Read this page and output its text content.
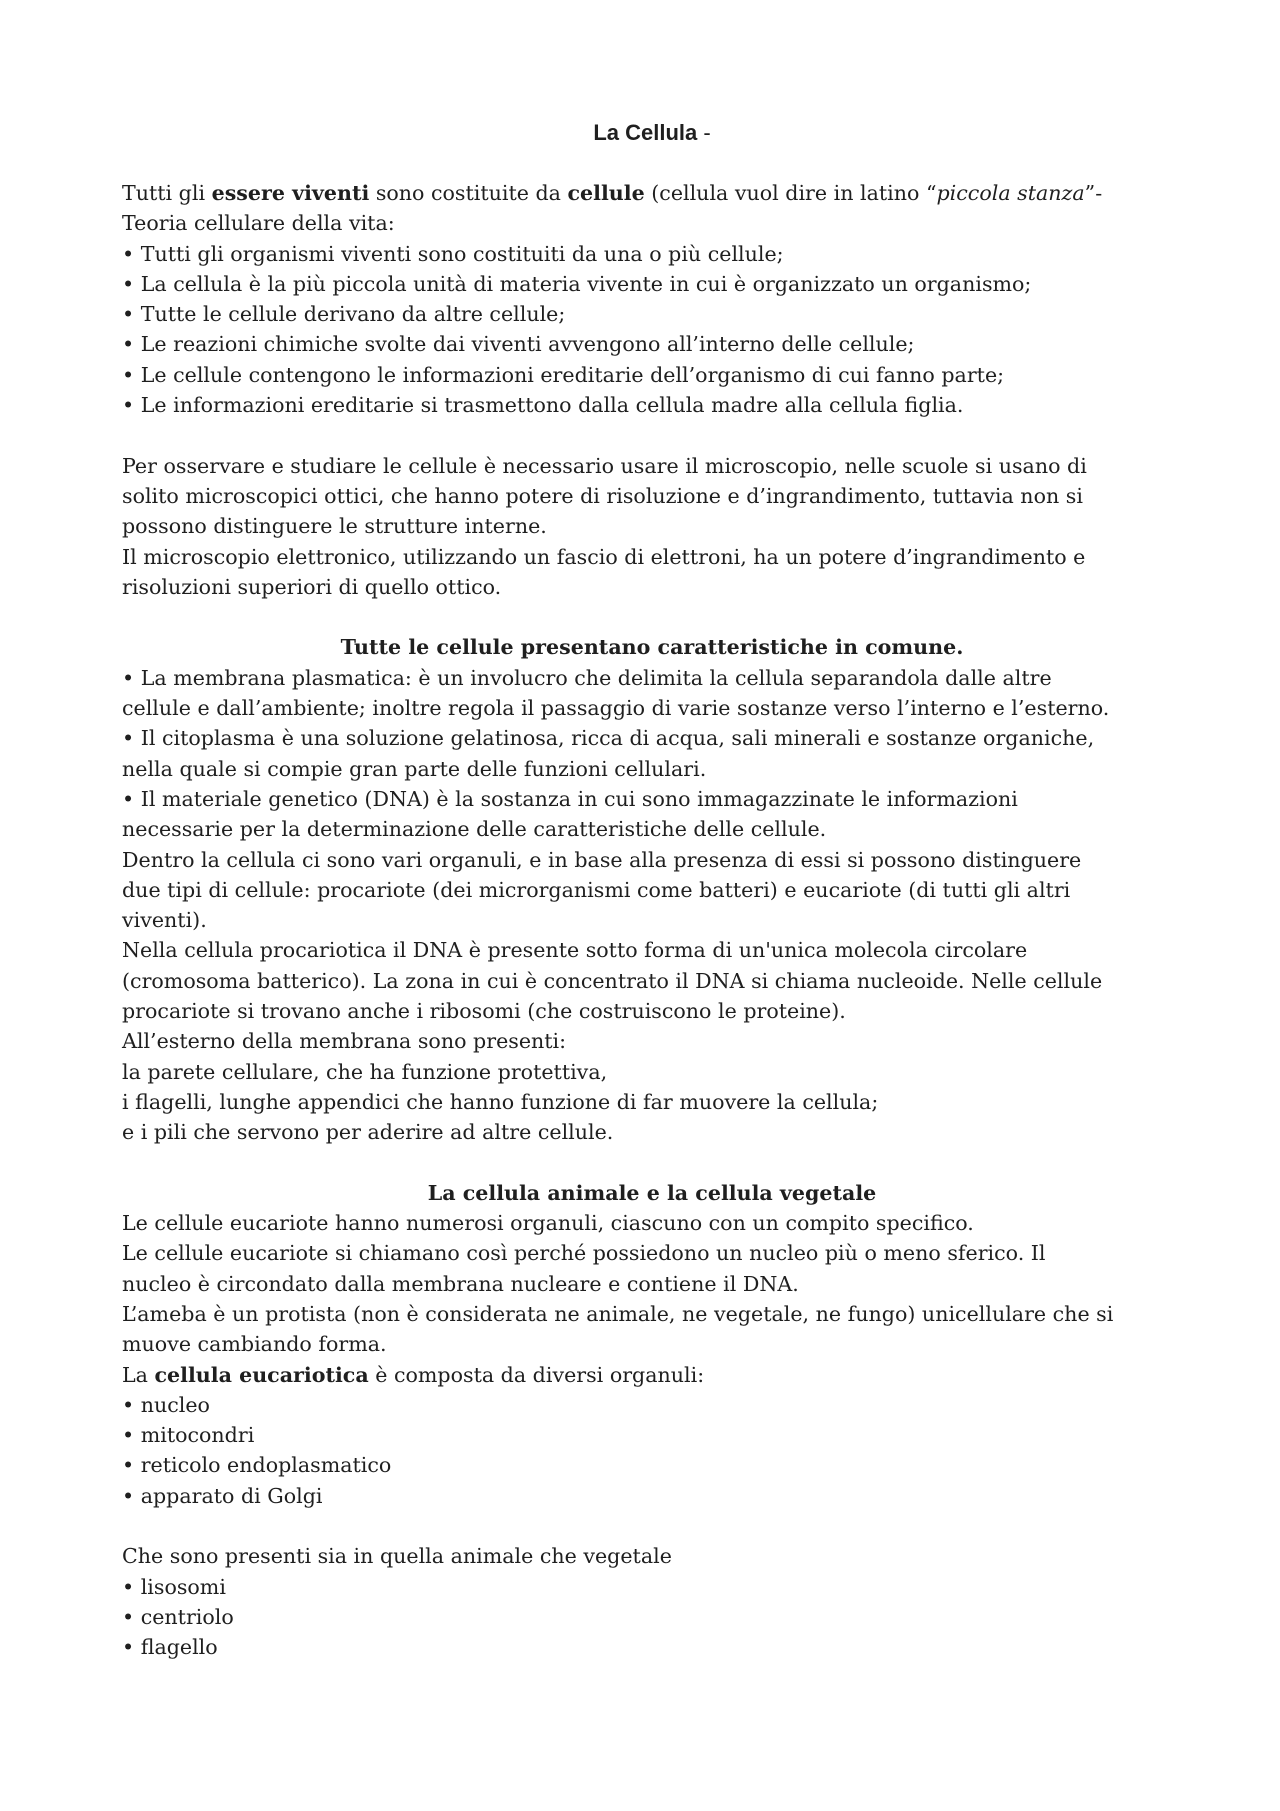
La Cellula -
Tutti gli essere viventi sono costituite da cellule (cellula vuol dire in latino “piccola stanza”-
Teoria cellulare della vita:
• Tutti gli organismi viventi sono costituiti da una o più cellule;
• La cellula è la più piccola unità di materia vivente in cui è organizzato un organismo;
• Tutte le cellule derivano da altre cellule;
• Le reazioni chimiche svolte dai viventi avvengono all’interno delle cellule;
• Le cellule contengono le informazioni ereditarie dell’organismo di cui fanno parte;
• Le informazioni ereditarie si trasmettono dalla cellula madre alla cellula figlia.
Per osservare e studiare le cellule è necessario usare il microscopio, nelle scuole si usano di
solito microscopici ottici, che hanno potere di risoluzione e d’ingrandimento, tuttavia non si
possono distinguere le strutture interne.
Il microscopio elettronico, utilizzando un fascio di elettroni, ha un potere d’ingrandimento e
risoluzioni superiori di quello ottico.
Tutte le cellule presentano caratteristiche in comune.
• La membrana plasmatica: è un involucro che delimita la cellula separandola dalle altre
cellule e dall’ambiente; inoltre regola il passaggio di varie sostanze verso l’interno e l’esterno.
• Il citoplasma è una soluzione gelatinosa, ricca di acqua, sali minerali e sostanze organiche,
nella quale si compie gran parte delle funzioni cellulari.
• Il materiale genetico (DNA) è la sostanza in cui sono immagazzinate le informazioni
necessarie per la determinazione delle caratteristiche delle cellule.
Dentro la cellula ci sono vari organuli, e in base alla presenza di essi si possono distinguere
due tipi di cellule: procariote (dei microrganismi come batteri) e eucariote (di tutti gli altri
viventi).
Nella cellula procariotica il DNA è presente sotto forma di un'unica molecola circolare
(cromosoma batterico). La zona in cui è concentrato il DNA si chiama nucleoide. Nelle cellule
procariote si trovano anche i ribosomi (che costruiscono le proteine).
All’esterno della membrana sono presenti:
la parete cellulare, che ha funzione protettiva,
i flagelli, lunghe appendici che hanno funzione di far muovere la cellula;
e i pili che servono per aderire ad altre cellule.
La cellula animale e la cellula vegetale
Le cellule eucariote hanno numerosi organuli, ciascuno con un compito specifico.
Le cellule eucariote si chiamano così perché possiedono un nucleo più o meno sferico. Il
nucleo è circondato dalla membrana nucleare e contiene il DNA.
L’ameba è un protista (non è considerata ne animale, ne vegetale, ne fungo) unicellulare che si
muove cambiando forma.
La cellula eucariotica è composta da diversi organuli:
• nucleo
• mitocondri
• reticolo endoplasmatico
• apparato di Golgi
Che sono presenti sia in quella animale che vegetale
• lisosomi
• centriolo
• flagello
